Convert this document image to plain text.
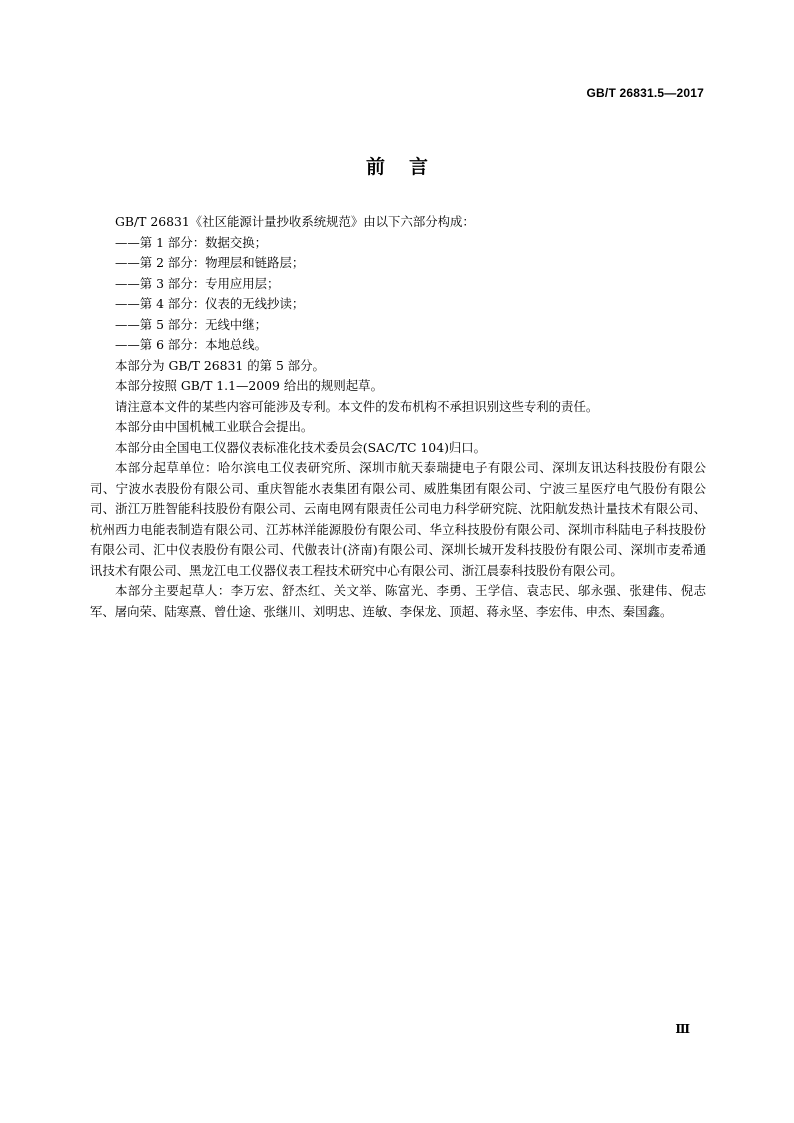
GB/T 26831.5—2017
前言

GB/T 26831《社区能源计量抄收系统规范》由以下六部分构成：

——第 1 部分：数据交换；

——第 2 部分：物理层和链路层；

——第 3 部分：专用应用层；

——第 4 部分：仪表的无线抄读；

——第 5 部分：无线中继；

——第 6 部分：本地总线。

本部分为 GB/T 26831 的第 5 部分。

本部分按照 GB/T 1.1—2009 给出的规则起草。

请注意本文件的某些内容可能涉及专利。本文件的发布机构不承担识别这些专利的责任。

本部分由中国机械工业联合会提出。

本部分由全国电工仪器仪表标准化技术委员会(SAC/TC 104)归口。

本部分起草单位：哈尔滨电工仪表研究所、深圳市航天泰瑞捷电子有限公司、深圳友讯达科技股份有限公司、宁波水表股份有限公司、重庆智能水表集团有限公司、威胜集团有限公司、宁波三星医疗电气股份有限公司、浙江万胜智能科技股份有限公司、云南电网有限责任公司电力科学研究院、沈阳航发热计量技术有限公司、杭州西力电能表制造有限公司、江苏林洋能源股份有限公司、华立科技股份有限公司、深圳市科陆电子科技股份有限公司、汇中仪表股份有限公司、代傲表计(济南)有限公司、深圳长城开发科技股份有限公司、深圳市麦希通讯技术有限公司、黑龙江电工仪器仪表工程技术研究中心有限公司、浙江晨泰科技股份有限公司。

本部分主要起草人：李万宏、舒杰红、关文举、陈富光、李勇、王学信、袁志民、邬永强、张建伟、倪志军、屠向荣、陆寒熹、曾仕途、张继川、刘明忠、连敏、李保龙、顶超、蒋永坚、李宏伟、申杰、秦国鑫。

Ⅲ
